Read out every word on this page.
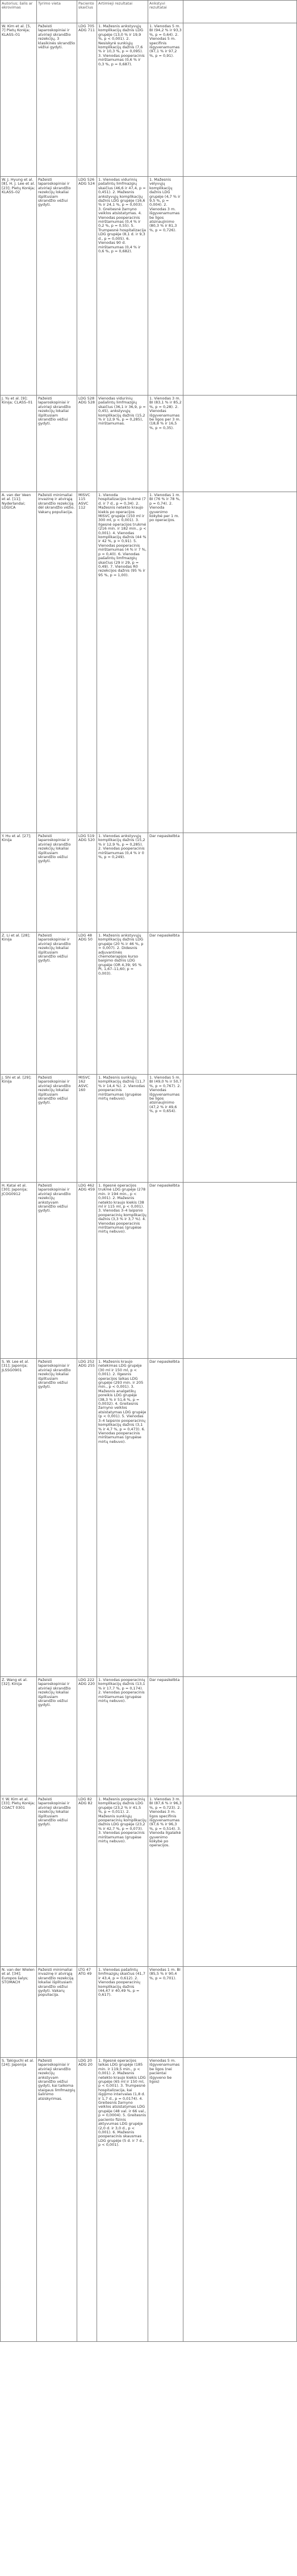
Autorius; šalis ar ekrovimas	Tyrimo vieta	Paciento skaičius	Artimieji rezultatai	Ankstyvi rezultatai	
W. Kim et al. [5, 7] Pietų Korėja; KLASS–01	Pažeisti laparoskopiniai ir atvirieji skrandžio rezekcijų, 3 klasikinės skrandžio vėžiui gydyti.	LDG 705 ADG 711	1. Mažesnis ankstyvųjų komplikacijų dažnis LDG grupėje (13,0 % ir 19,9 %, p < 0,001). 2. Nesiskyrė sunkiųjų komplikacijų dažnis (7,6 % ir 10,3 %, p = 0,095). 3. Vienodas pooperacinis mirštamumas (0,6 % ir 0,3 %, p = 0,687).	1. Vienodas 5 m. BI (94,2 % ir 93,3 %, p = 0,64). 2. Vienodas 5 m. specifinis išgyvenamumas (97,1 % ir 97,2 %, p = 0,91).	
W. J. Hyung et al. [8], H. J. Lee et al. [23]; Pietų Korėja; KLASS–02	Pažeisti laparoskopiniai ir atvirieji skrandžio rezekcijų lokaliai išplitusiam skrandžio vėžiui gydyti.	LDG 526 ADG 524	1. Vienodas vidurinių pašalintų limfmazgių skaičius (46,6 ir 47,4, p = 0,451). 2. Mažesnis ankstyvųjų komplikacijų dažnis LDG grupėje (16,6 % ir 24,1 %, p = 0,003). 3. Greitesnė žarnyno veiklos atsistatymas. 4. Vienodas pooperacinis mirštamumas (0,4 % ir 0,2 %, p = 0,55). 5. Trumpesnė hospitalizacija LDG grupėje (8,1 d. ir 9,3 d., p = 0,005). 6. Vienodas 90 d. mirštamumas (0,4 % ir 0,6 %, p = 0,682).	1. Mažesnis vėlyvųjų komplikacijų dažnis LDG grupėje (4,7 % ir 9,5 %, p = 0,004). 2. Vienodas 3 m. išgyvenamumas be ligos atsinaujinimo (80,3 % ir 81,3 %, p = 0,726).	
J. Yu et al. [9]; Kinija; CLASS–01	Pažeisti laparoskopiniai ir atvirieji skrandžio rezekcijų lokaliai išplitusiam skrandžio vėžiui gydyti.	LDG 528 ADG 528	Vienodas vidurinių pašalintų limfmazgių skaičius (36,1 ir 36,9, p = 0,45), ankstyvųjų komplikacijų dažnis (15,2 % ir 12,9 %, p = 0,285), mirštamumas.	1. Vienodas 3 m. BI (83,1 % ir 85,2 %, p = 0,28). 2. Vienodas išgyvenamumas be ligos per 3 m. (18,8 % ir 16,5 %, p = 0,35).	
A. van der Veen et al. [11]; Nyderlandai; LOGICA	Pažeisti minimaliai invazinę ir atvirąją skrandžio rezekciją dėl skrandžio vėžio. Vakarų populiacija.	MISVC 115 ASVC 112	1. Vienoda hospitalizacijos trukmė (7 d. ir 7 d., p = 0,34). 2. Mažesnis netekto kraujo kiekis po operacijos MISVC grupėje (150 ml ir 300 ml, p < 0,001). 3. Ilgesnė operacijos trukmė (216 min. ir 182 min., p < 0,001). 4. Vienodas komplikacijų dažnis (44 % ir 42 %, p = 0,91). 5. Vienodas pooperacinis mirštamumas (4 % ir 7 %, p = 0,40). 6. Vienodas pašalintų limfmazgių skaičius (29 ir 29, p = 0,49). 7. Vienodas R0 rezekcijos dažnis (95 % ir 95 %, p = 1,00).	1. Vienodas 1 m. BI (76 % ir 78 %, p = 0,74). 2. Vienoda gyvenimo kokybė per 1 m. po operacijos.	
Y. Hu et al. [27]; Kinija	Pažeisti laparoskopiniai ir atvirieji skrandžio rezekcijų lokaliai išplitusiam skrandžio vėžiui gydyti.	LDG 519 ADG 520	1. Vienodas ankstyvųjų komplikacijų dažnis (15,2 % ir 12,9 %, p = 0,285). 2. Vienodas pooperacinis mirštamumas (0,4 % ir 0 %, p = 0,249).	Dar nepaskelbta	
Z. Li et al. [28]; Kinija	Pažeisti laparoskopiniai ir atvirieji skrandžio rezekcijų lokaliai išplitusiam skrandžio vėžiui gydyti.	LDG 48 ADG 50	1. Mažesnis ankstyvųjų komplikacijų dažnis LDG grupėje (20 % ir 46 %, p = 0,007). 2. Didesnis adjuvantinės chemoterapijos kurso baigimo dažnis LDG grupėje (OR 4,39; 95 % PI, 1,67–11,60; p = 0,003).	Dar nepaskelbta	
J. Shi et al. [29]; Kinija	Pažeisti laparoskopiniai ir atvirieji skrandžio rezekcijų lokaliai išplitusiam skrandžio vėžiui gydyti.	MISVC 162 ASVC 160	1. Mažesnis sunkiųjų komplikacijų dažnis (11,7 % ir 14,4 %). 2. Vienodas pooperacinis mirštamumas (grupėse mirtų nebuvo).	1. Vienodas 5 m. BI (49,0 % ir 50,7 %, p = 0,767). 2. Vienodas išgyvenamumas be ligos atsinaujinimo (47,2 % ir 49,6 %, p = 0,654).	
H. Katai et al. [30]; Japonija; JCOG0912	Pažeisti laparoskopiniai ir atvirieji skrandžio rezekcijų ankstyvam skrandžio vėžiui gydyti.	LDG 462 ADG 459	1. Ilgesnė operacijos trukmė LDG grupėje (278 min. ir 194 min., p < 0,001). 2. Mažesnis netekto kraujo kiekis (38 ml ir 115 ml, p < 0,001). 3. Vienodas 3–4 laipsnio pooperacinių komplikacijų dažnis (3,3 % ir 3,7 %). 4. Vienodas pooperacinis mirštamumas (grupėse mirtų nebuvo).	Dar nepaskelbta	
S. W. Lee et al. [31]; Japonija; JLSSG0901	Pažeisti laparoskopiniai ir atvirieji skrandžio rezekcijų lokaliai išplitusiam skrandžio vėžiui gydyti.	LDG 252 ADG 255	1. Mažesnis kraujo netekimas LDG grupėje (30 ml ir 150 ml, p < 0,001). 2. Ilgesnis operacijos laikas LDG grupėje (293 min. ir 205 min., p < 0,001). 3. Mažesnis analgetikų poreikis LDG grupėje (38,3 % ir 51,6 %, p = 0,0032). 4. Greitesnis žarnyno veiklos atsistatymas LDG grupėje (p < 0,001). 5. Vienodas 3–4 laipsnio pooperacinių komplikacijų dažnis (3,1 % ir 4,7 %, p = 0,473). 6. Vienodas pooperacinis mirštamumas (grupėse mirtų nebuvo).	Dar nepaskelbta	
Z. Wang et al. [32]; Kinija	Pažeisti laparoskopiniai ir atvirieji skrandžio rezekcijų lokaliai išplitusiam skrandžio vėžiui gydyti.	LDG 222 ADG 220	1. Vienodas pooperacinių komplikacijų dažnis (13,1 % ir 17,7 %, p = 0,174). 2. Vienodas pooperacinis mirštamumas (grupėse mirtų nebuvo).	Dar nepaskelbta	
Y. W. Kim et al. [33]; Pietų Korėja; COACT 0301	Pažeisti laparoskopiniai ir atvirieji skrandžio rezekcijų lokaliai išplitusiam skrandžio vėžiui gydyti.	LDG 82 ADG 82	1. Mažesnis pooperacinių komplikacijų dažnis LDG grupėje (23,2 % ir 41,5 %, p = 0,011). 2. Mažesnis sunkiųjų pooperacinių komplikacijų dažnis LDG grupėje (23,2 % ir 42,7 %, p = 0,073). 3. Vienodas pooperacinis mirštamumas (grupėse mirtų nebuvo).	1. Vienodas 3 m. BI (87,6 % ir 96,3 %, p = 0,723). 2. Vienodas 3 m. ligos specifinis išgyvenamumas (97,6 % ir 96,3 %, p = 0,514). 3. Vienoda ilgalaikė gyvenimo kokybė po operacijos.	
N. van der Wielen et al. [34]; Europos šalys; STOMACH	Pažeisti minimaliai invazinę ir atvirąją skrandžio rezekciją lokaliai išplitusiam skrandžio vėžiui gydyti. Vakarų populiacija.	LTG 47 ATG 49	1. Vienodas pašalintų limfmazgių skaičius (41,7 ir 43,4, p = 0,612). 2. Vienodas pooperacinių komplikacijų dažnis (44,47 ir 40,49 %, p = 0,617).	Vienodas 1 m. BI (85,5 % ir 90,4 %, p = 0,701).	
S. Takiguchi et al. [24]; Japonija	Pažeisti laparoskopiniai ir atvirieji skrandžio rezekcijų ankstyvam skrandžio vėžiui gydyti, kai taikoma staigaus limfmazgių šalinimo atsiskyrimas.	LDG 20 ADG 20	1. Ilgesnė operacijos laikas LDG grupėje (185 min. ir 119,5 min., p < 0,001). 2. Mažesnis netekto kraujo kiekis LDG grupėje (65 ml ir 150 ml, p < 0,001). 3. Trumpesnė hospitalizacija, kai išgijimo intervalas (1,8 d. ir 1,7 d., p = 0,0174). 4. Greitesnis žarnyno veiklos atsistatymas LDG grupėje (48 val. ir 66 val., p = 0,0004). 5. Greitesnis paciento fizinis aktyvumas LDG grupėje (2,0 d. ir 3,0 d., p < 0,001). 6. Mažesnis pooperacinis skausmas LDG grupėje (5 d. ir 7 d., p < 0,001).	Vienodas 5 m. išgyvenamumas be ligos (nei pacientai išgyveno be ligos)	
